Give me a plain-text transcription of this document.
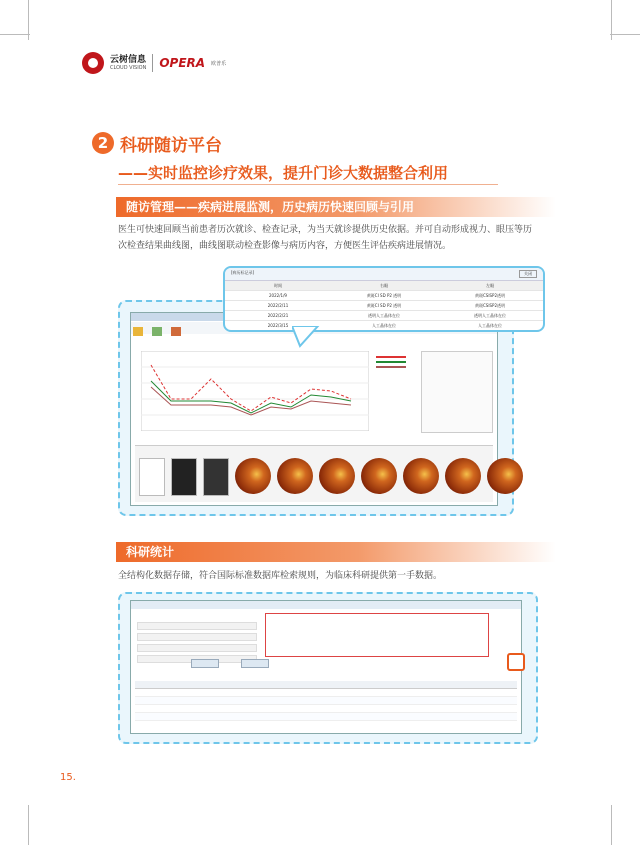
云树信息
CLOUD VISION OPERA 欧普乐
2 科研随访平台
——实时监控诊疗效果，提升门诊大数据整合利用
随访管理——疾病进展监测，历史病历快速回顾与引用
医生可快速回顾当前患者历次就诊、检查记录，为当天就诊提供历史依据。并可自动形成视力、眼压等历次检查结果曲线图，曲线图联动检查影像与病历内容，方便医生评估疾病进展情况。

[病历标记录]	关闭
时间	右眼	左眼
2022/1/9	黄斑CI SD P2 透明	黄斑CSISP2透明
2022/2/11	黄斑CI SD P2 透明	黄斑CSISP2透明
2022/2/21	透明人工晶体在位	透明人工晶体在位
2022/3/15	人工晶体在位	人工晶体在位
科研统计
全结构化数据存储，符合国际标准数据库检索规则，为临床科研提供第一手数据。
15.
